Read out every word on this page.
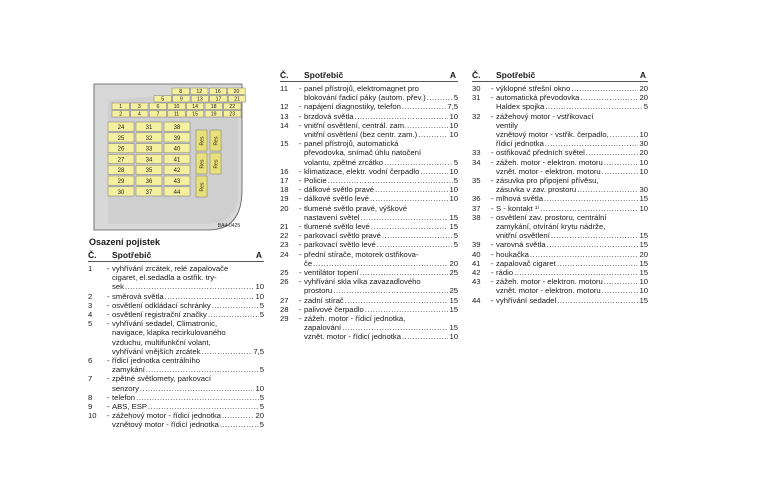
8	12 16 20
5	9	13 17 21
1	3	6	10 14 18 22
2	4	7	11	15 19 23
24
25
26
27
28
29
30
31
32
33
34
35
36
37
38
39
40
41
42
43
44
Res Res
Res Res
Res
BA4-0425
Osazení pojistek
Č. Spotřebič	A
1 - vyhřívání zrcátek, relé zapalovače
cigaret, el.sedadla a ostřik. try-
sek .....	10
2 - směrová světla .....	10
3 - osvětlení odkládací schránky .....	5
4 - osvětlení registrační značky .....	5
5 - vyhřívání sedadel, Climatronic,
navigace, klapka recirkulovaného
vzduchu, multifunkční volant,
vyhřívání vnějších zrcátek .....	7,5
6 - řídicí jednotka centrálního
zamykání .....	5
7 - zpětné světlomety, parkovací
senzory .....	10
8 - telefon .....	5
9 - ABS, ESP .....	5
10 - zážehový motor - řídicí jednotka .....	20
vznětový motor - řídicí jednotka .....	5
Č. Spotřebič	A
11 - panel přístrojů, elektromagnet pro
blokování řadicí páky (autom. přev.) .....	5
12 - napájení diagnostiky, telefon .....	7,5
13 - brzdová světla .....	10
14 - vnitřní osvětlení, centrál. zam. .....	10
vnitřní osvětlení (bez centr. zam.) .....	10
15 - panel přístrojů, automatická
převodovka, snímač úhlu natočení
volantu, zpětné zrcátko .....	5
16 - klimatizace, elektr. vodní čerpadlo .....	10
17 - Policie .....	5
18 - dálkové světlo pravé .....	10
19 - dálkové světlo levé .....	10
20 - tlumené světlo pravé, výškové
nastavení světel .....	15
21 - tlumené světlo levé .....	15
22 - parkovací světlo pravé .....	5
23 - parkovací světlo levé .....	5
24 - přední stírače, motorek ostřikova-
če .....	20
25 - ventilátor topení .....	25
26 - vyhřívání skla víka zavazadlového
prostoru .....	25
27 - zadní stírač .....	15
28 - palivové čerpadlo .....	15
29 - zážeh. motor - řídicí jednotka,
zapalování .....	15
vznět. motor - řídicí jednotka .....	10
Č. Spotřebič	A
30 - výklopné střešní okno .....	20
31 - automatická převodovka .....	20
Haldex spojka .....	5
32 - zážehový motor - vstřikovací
ventily
vznětový motor - vstřik. čerpadlo, .....	10
řídicí jednotka .....	30
33 - ostřikovač předních světel .....	20
34 - zážeh. motor - elektron. motoru .....	10
vznět. motor - elektron. motoru .....	10
35 - zásuvka pro připojení přívěsu,
zásuvka v zav. prostoru .....	30
36 - mlhová světla .....	15
37 - S - kontakt ¹⁾ .....	10
38 - osvětlení zav. prostoru, centrální
zamykání, otvírání krytu nádrže,
vnitřní osvětlení .....	15
39 - varovná světla .....	15
40 - houkačka .....	20
41 - zapalovač cigaret .....	15
42 - rádio .....	15
43 - zážeh. motor - elektron. motoru .....	10
vznět. motor - elektron. motoru .....	10
44 - vyhřívání sedadel .....	15
